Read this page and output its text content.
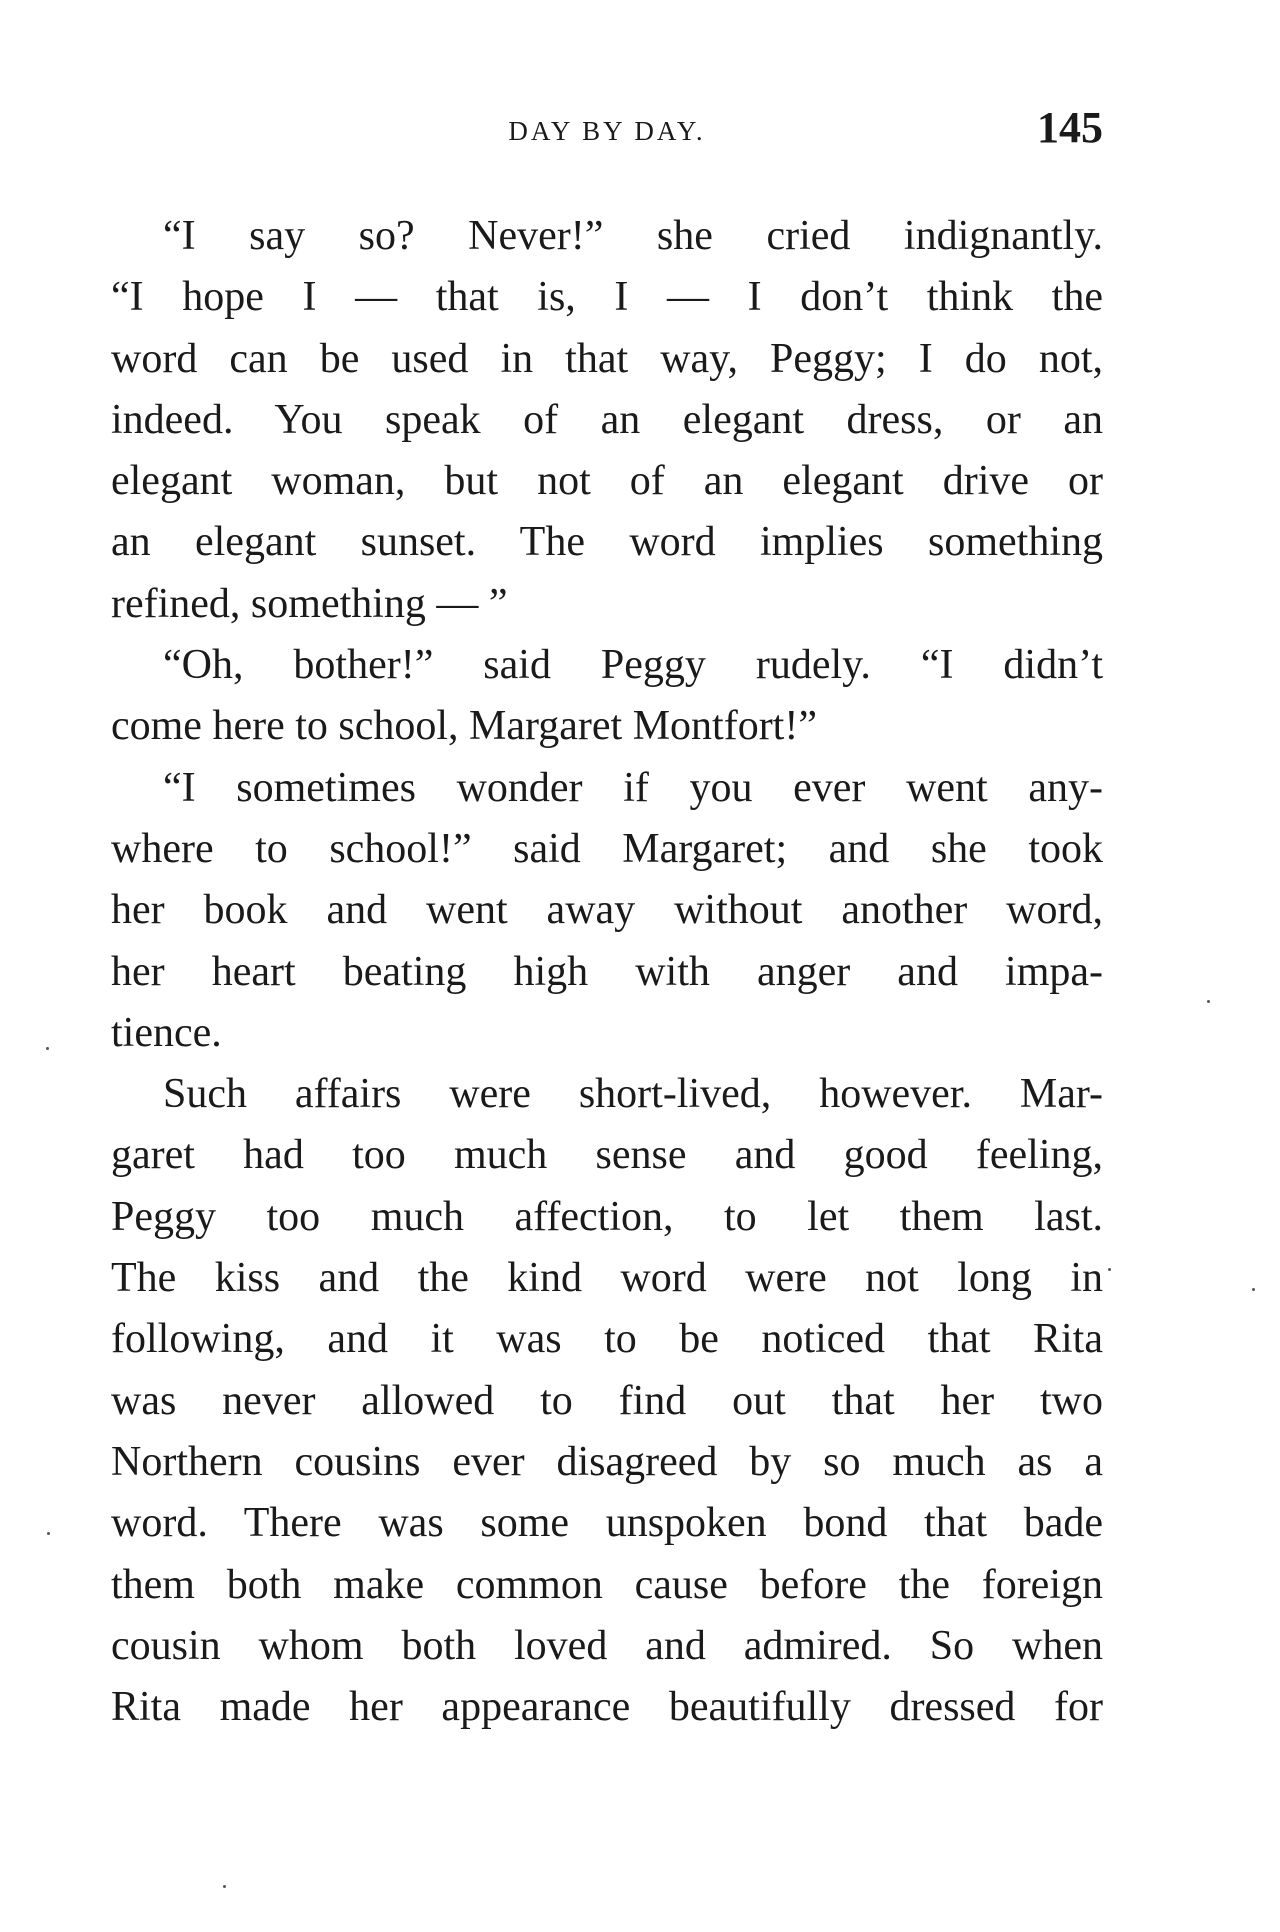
DAY BY DAY.	145
“I say so? Never!” she cried indignantly.
“I hope I — that is, I — I don’t think the
word can be used in that way, Peggy; I do not,
indeed. You speak of an elegant dress, or an
elegant woman, but not of an elegant drive or
an elegant sunset. The word implies something
refined, something — ”
“Oh, bother!” said Peggy rudely. “I didn’t
come here to school, Margaret Montfort!”
“I sometimes wonder if you ever went any-
where to school!” said Margaret; and she took
her book and went away without another word,
her heart beating high with anger and impa-
tience.
Such affairs were short-lived, however. Mar-
garet had too much sense and good feeling,
Peggy too much affection, to let them last.
The kiss and the kind word were not long in
following, and it was to be noticed that Rita
was never allowed to find out that her two
Northern cousins ever disagreed by so much as a
word. There was some unspoken bond that bade
them both make common cause before the foreign
cousin whom both loved and admired. So when
Rita made her appearance beautifully dressed for
